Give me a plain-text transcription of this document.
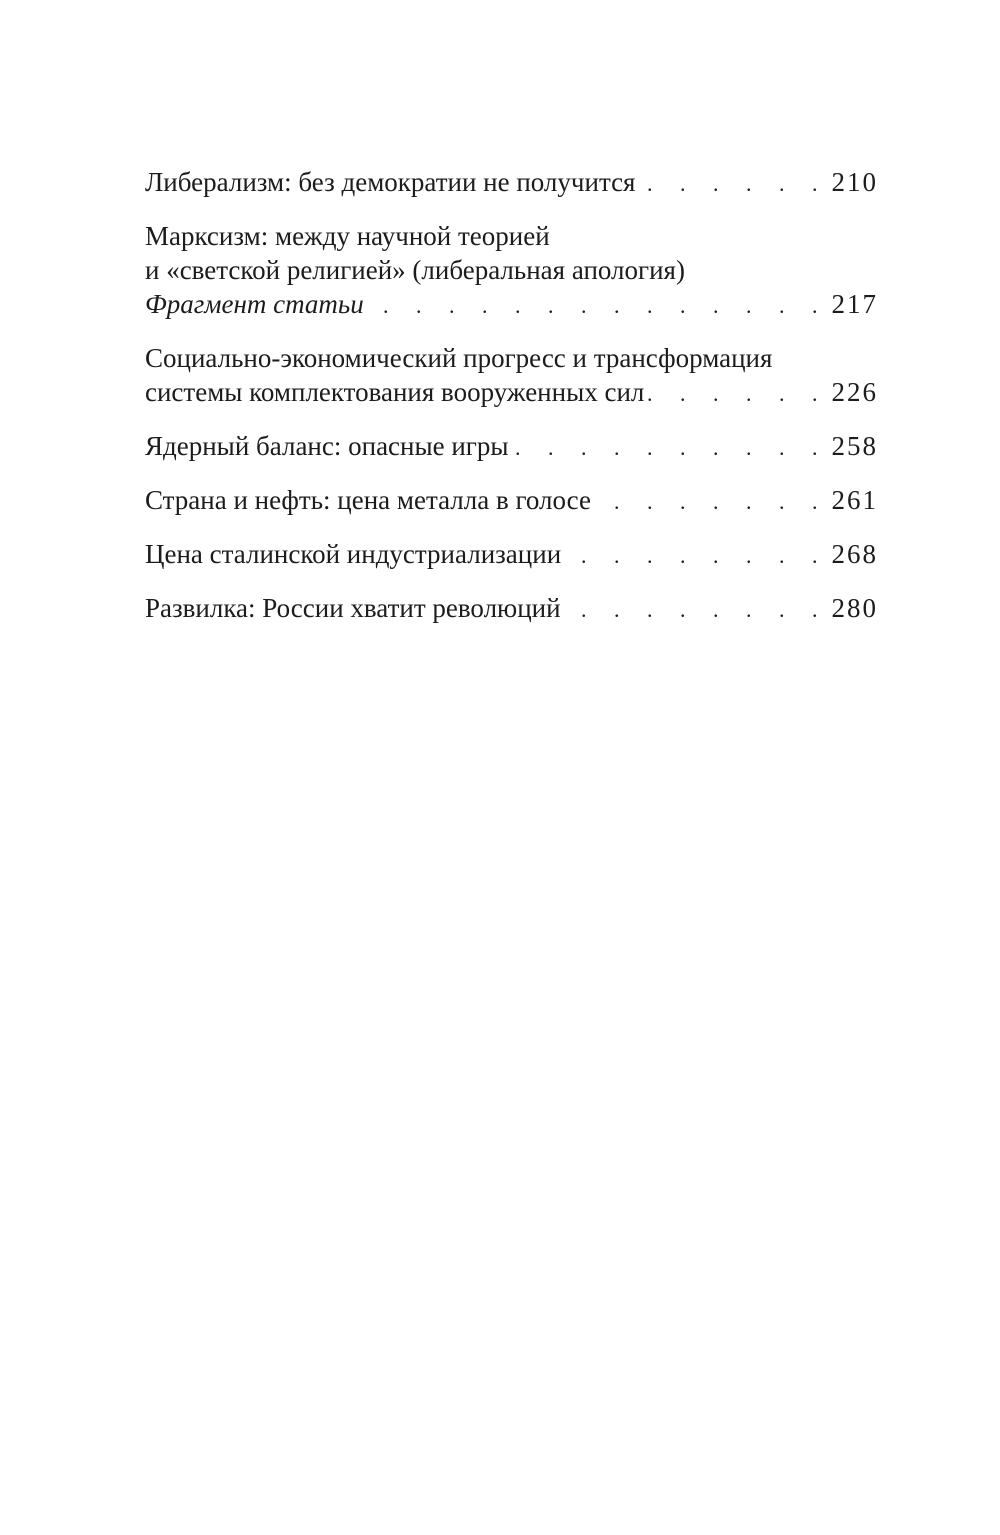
Либерализм: без демократии не получится .	210
Марксизм: между научной теорией
и «светской религией» (либеральная апология)
Фрагмент статьи .	217
Социально-экономический прогресс и трансформация
системы комплектования вооруженных сил .	226
Ядерный баланс: опасные игры .	258
Страна и нефть: цена металла в голосе .	261
Цена сталинской индустриализации .	268
Развилка: России хватит революций .	280
